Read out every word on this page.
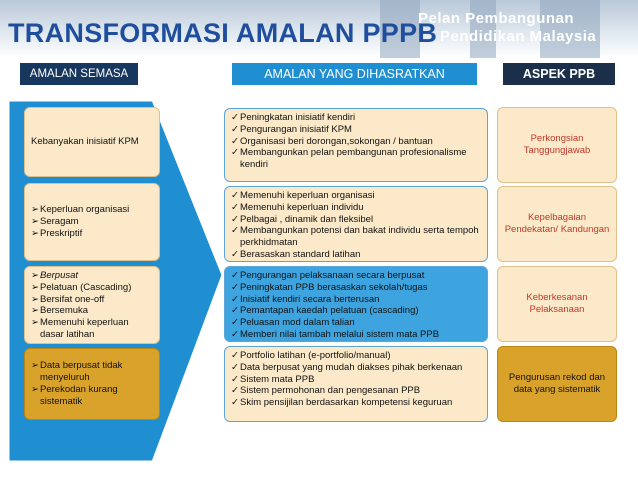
Pelan Pembangunan
Pendidikan Malaysia
TRANSFORMASI AMALAN PPPB
AMALAN SEMASA	AMALAN YANG DIHASRATKAN	ASPEK PPB
Kebanyakan inisiatif KPM
➢ Keperluan organisasi
➢ Seragam
➢ Preskriptif
➢ Berpusat
➢ Pelatuan (Cascading)
➢ Bersifat one-off
➢ Bersemuka
➢ Memenuhi keperluan dasar latihan
➢ Data berpusat tidak menyeluruh
➢ Perekodan kurang sistematik
✓ Peningkatan inisiatif kendiri
✓ Pengurangan inisiatif KPM
✓ Organisasi beri dorongan,sokongan / bantuan
✓ Membangunkan pelan pembangunan profesionalisme kendiri
✓ Memenuhi keperluan organisasi
✓ Memenuhi keperluan individu
✓ Pelbagai , dinamik dan fleksibel
✓ Membangunkan potensi dan bakat individu serta tempoh perkhidmatan
✓ Berasaskan standard latihan
✓ Pengurangan pelaksanaan secara berpusat
✓ Peningkatan PPB berasaskan sekolah/tugas
✓ Inisiatif kendiri secara berterusan
✓ Pemantapan kaedah pelatuan (cascading)
✓ Peluasan mod dalam talian
✓ Memberi nilai tambah melalui sistem mata PPB
✓ Portfolio latihan (e-portfolio/manual)
✓ Data berpusat yang mudah diakses pihak berkenaan
✓ Sistem mata PPB
✓ Sistem permohonan dan pengesanan PPB
✓ Skim pensijilan berdasarkan kompetensi keguruan
Perkongsian Tanggungjawab
Kepelbagaian Pendekatan/ Kandungan
Keberkesanan Pelaksanaan
Pengurusan rekod dan data yang sistematik
